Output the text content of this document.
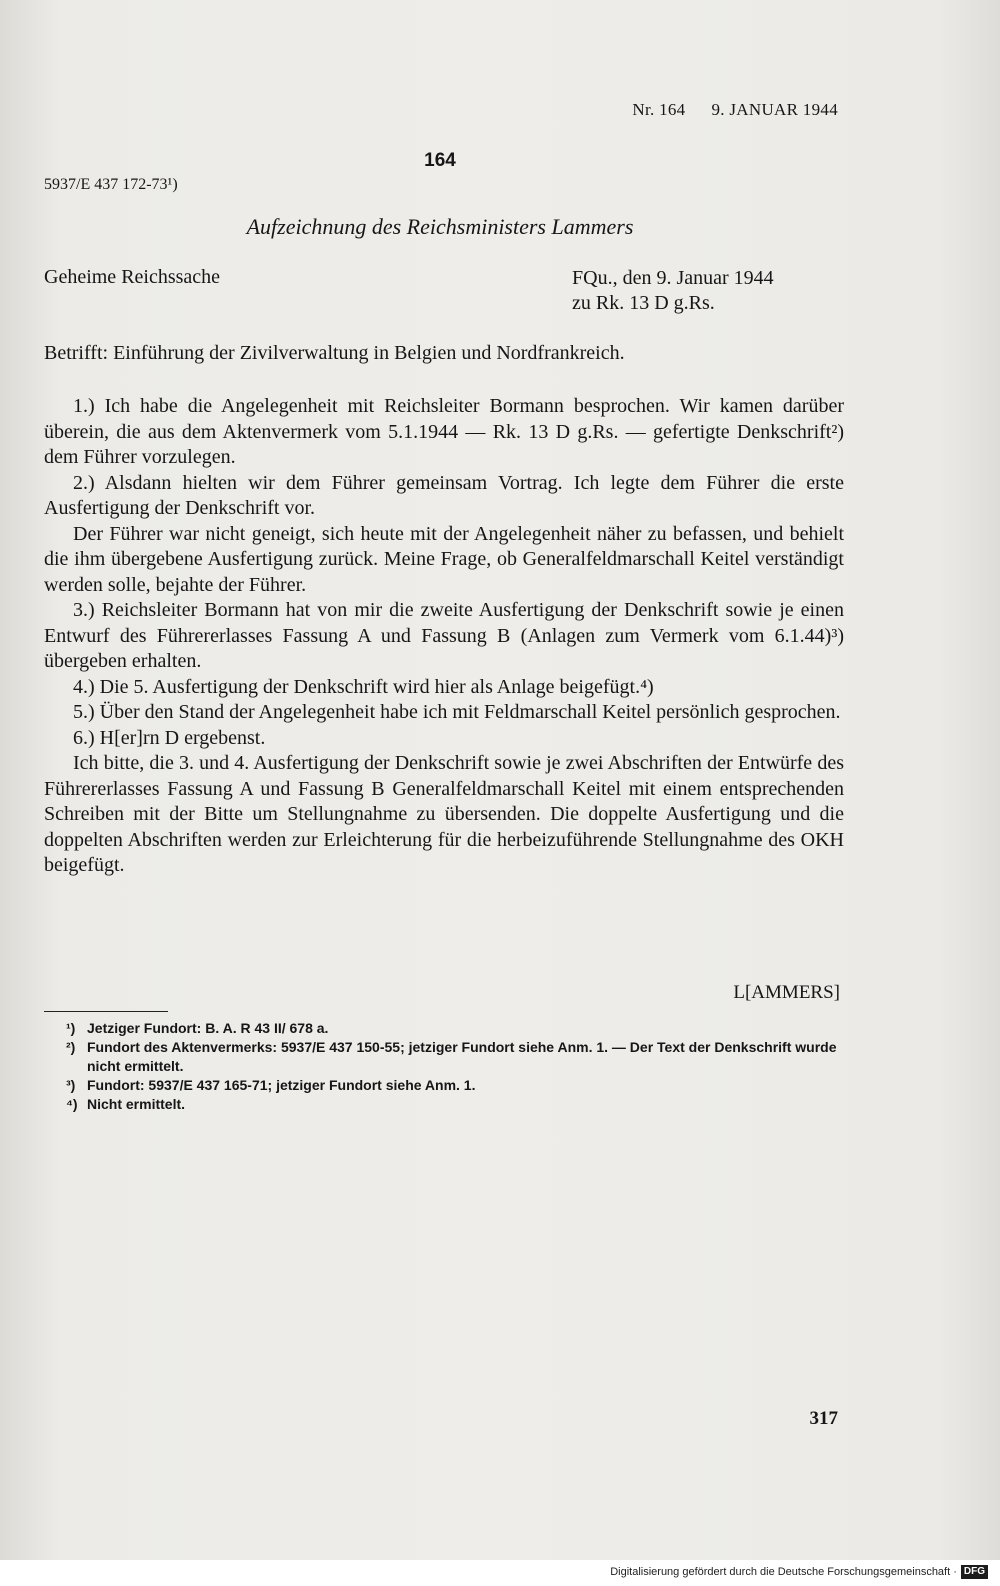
Nr. 164 9. JANUAR 1944
164
5937/E 437 172-73¹)
Aufzeichnung des Reichsministers Lammers
Geheime Reichssache	FQu., den 9. Januar 1944
zu Rk. 13 D g.Rs.
Betrifft: Einführung der Zivilverwaltung in Belgien und Nordfrankreich.

1.) Ich habe die Angelegenheit mit Reichsleiter Bormann besprochen. Wir kamen darüber überein, die aus dem Aktenvermerk vom 5.1.1944 — Rk. 13 D g.Rs. — gefertigte Denkschrift²) dem Führer vorzulegen.

2.) Alsdann hielten wir dem Führer gemeinsam Vortrag. Ich legte dem Führer die erste Ausfertigung der Denkschrift vor.

Der Führer war nicht geneigt, sich heute mit der Angelegenheit näher zu befassen, und behielt die ihm übergebene Ausfertigung zurück. Meine Frage, ob Generalfeldmarschall Keitel verständigt werden solle, bejahte der Führer.

3.) Reichsleiter Bormann hat von mir die zweite Ausfertigung der Denkschrift sowie je einen Entwurf des Führererlasses Fassung A und Fassung B (Anlagen zum Vermerk vom 6.1.44)³) übergeben erhalten.

4.) Die 5. Ausfertigung der Denkschrift wird hier als Anlage beigefügt.⁴)

5.) Über den Stand der Angelegenheit habe ich mit Feldmarschall Keitel persönlich gesprochen.

6.) H[er]rn D ergebenst.

Ich bitte, die 3. und 4. Ausfertigung der Denkschrift sowie je zwei Abschriften der Entwürfe des Führererlasses Fassung A und Fassung B Generalfeldmarschall Keitel mit einem entsprechenden Schreiben mit der Bitte um Stellungnahme zu übersenden. Die doppelte Ausfertigung und die doppelten Abschriften werden zur Erleichterung für die herbeizuführende Stellungnahme des OKH beigefügt.

L[AMMERS]
¹) Jetziger Fundort: B. A. R 43 II/ 678 a.
²) Fundort des Aktenvermerks: 5937/E 437 150-55; jetziger Fundort siehe Anm. 1. — Der Text der Denkschrift wurde nicht ermittelt.
³) Fundort: 5937/E 437 165-71; jetziger Fundort siehe Anm. 1.
⁴) Nicht ermittelt.
317
Digitalisierung gefördert durch die Deutsche Forschungsgemeinschaft · DFG
